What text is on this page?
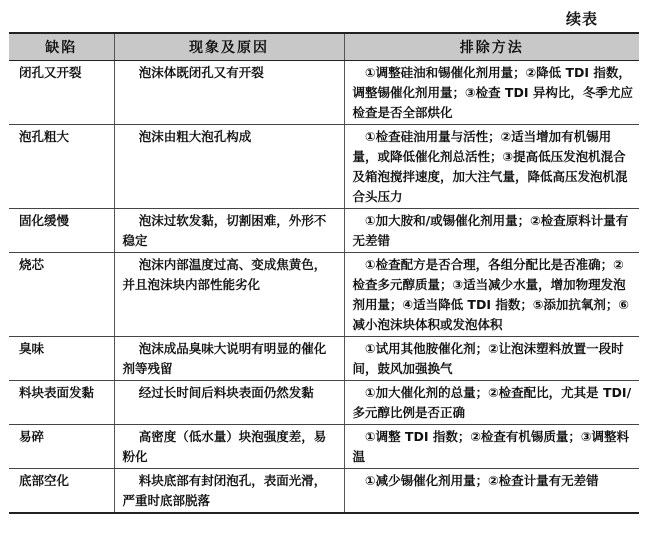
续表
缺陷	现象及原因	排除方法
闭孔又开裂	泡沫体既闭孔又有开裂	①调整硅油和锡催化剂用量；②降低 TDI 指数，调整锡催化剂用量；③检查 TDI 异构比，冬季尤应检查是否全部烘化
泡孔粗大	泡沫由粗大泡孔构成	①检查硅油用量与活性；②适当增加有机锡用量，或降低催化剂总活性；③提高低压发泡机混合及箱泡搅拌速度，加大注气量，降低高压发泡机混合头压力
固化缓慢	泡沫过软发黏，切割困难，外形不稳定	①加大胺和/或锡催化剂用量；②检查原料计量有无差错
烧芯	泡沫内部温度过高、变成焦黄色，并且泡沫块内部性能劣化	①检查配方是否合理，各组分配比是否准确；②检查多元醇质量；③适当减少水量，增加物理发泡剂用量；④适当降低 TDI 指数；⑤添加抗氧剂；⑥减小泡沫块体积或发泡体积
臭味	泡沫成品臭味大说明有明显的催化剂等残留	①试用其他胺催化剂；②让泡沫塑料放置一段时间，鼓风加强换气
料块表面发黏	经过长时间后料块表面仍然发黏	①加大催化剂的总量；②检查配比，尤其是 TDI/多元醇比例是否正确
易碎	高密度（低水量）块泡强度差，易粉化	①调整 TDI 指数；②检查有机锡质量；③调整料温
底部空化	料块底部有封闭泡孔，表面光滑，严重时底部脱落	①减少锡催化剂用量；②检查计量有无差错
